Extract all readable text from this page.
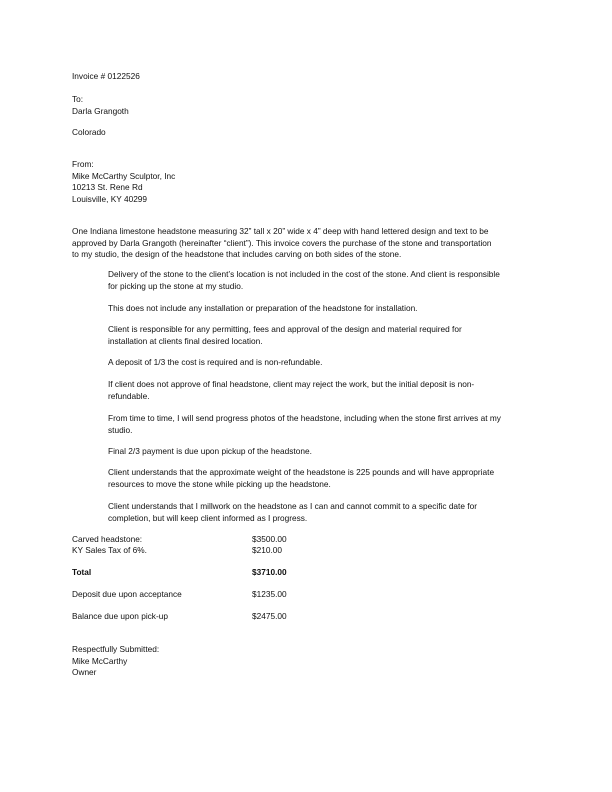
Invoice # 0122526
To:
Darla Grangoth
Colorado
From:
Mike McCarthy Sculptor, Inc
10213 St. Rene Rd
Louisville, KY 40299
One Indiana limestone headstone measuring 32” tall x 20” wide x 4” deep with hand lettered design and text to be
approved by Darla Grangoth (hereinafter “client”). This invoice covers the purchase of the stone and transportation
to my studio, the design of the headstone that includes carving on both sides of the stone.
Delivery of the stone to the client’s location is not included in the cost of the stone. And client is responsible
for picking up the stone at my studio.
This does not include any installation or preparation of the headstone for installation.
Client is responsible for any permitting, fees and approval of the design and material required for
installation at clients final desired location.
A deposit of 1/3 the cost is required and is non-refundable.
If client does not approve of final headstone, client may reject the work, but the initial deposit is non-
refundable.
From time to time, I will send progress photos of the headstone, including when the stone first arrives at my
studio.
Final 2/3 payment is due upon pickup of the headstone.
Client understands that the approximate weight of the headstone is 225 pounds and will have appropriate
resources to move the stone while picking up the headstone.
Client understands that I millwork on the headstone as I can and cannot commit to a specific date for
completion, but will keep client informed as I progress.
Carved headstone:	$3500.00
KY Sales Tax of 6%.	$210.00
Total	$3710.00
Deposit due upon acceptance	$1235.00
Balance due upon pick-up	$2475.00
Respectfully Submitted:
Mike McCarthy
Owner
